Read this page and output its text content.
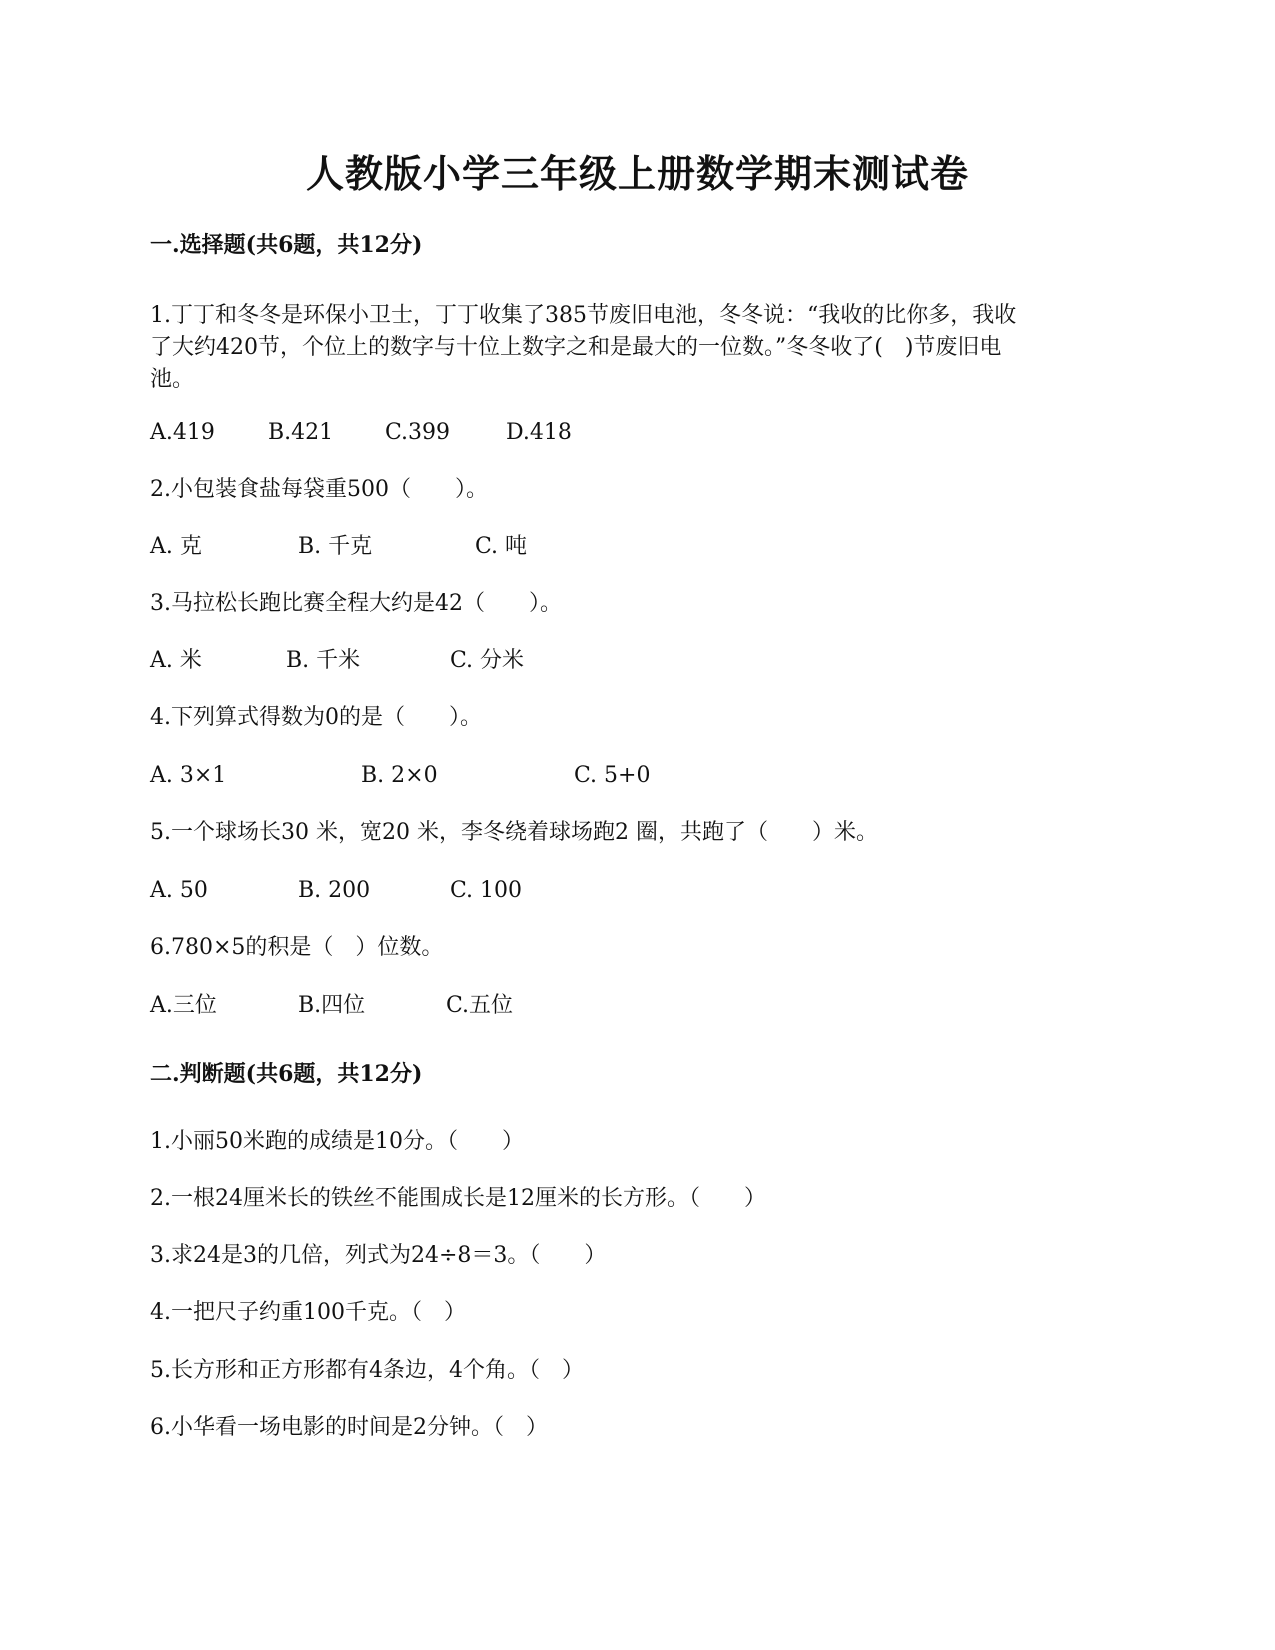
人教版小学三年级上册数学期末测试卷
一.选择题(共6题，共12分)
1.丁丁和冬冬是环保小卫士，丁丁收集了385节废旧电池，冬冬说：“我收的比你多，我收
了大约420节，个位上的数字与十位上数字之和是最大的一位数。”冬冬收了(　)节废旧电
池。
A.419 B.421 C.399	D.418
2.小包装食盐每袋重500（　　）。
A. 克	B. 千克	C. 吨
3.马拉松长跑比赛全程大约是42（　　）。
A. 米	B. 千米	C. 分米
4.下列算式得数为0的是（　　）。
A. 3×1	B. 2×0	C. 5+0
5.一个球场长30 米，宽20 米，李冬绕着球场跑2 圈，共跑了（　　）米。
A. 50	B. 200	C. 100
6.780×5的积是（　）位数。
A.三位	B.四位	C.五位
二.判断题(共6题，共12分)
1.小丽50米跑的成绩是10分。（　　）
2.一根24厘米长的铁丝不能围成长是12厘米的长方形。（　　）
3.求24是3的几倍，列式为24÷8＝3。（　　）
4.一把尺子约重100千克。（　）
5.长方形和正方形都有4条边，4个角。（　）
6.小华看一场电影的时间是2分钟。（　）
